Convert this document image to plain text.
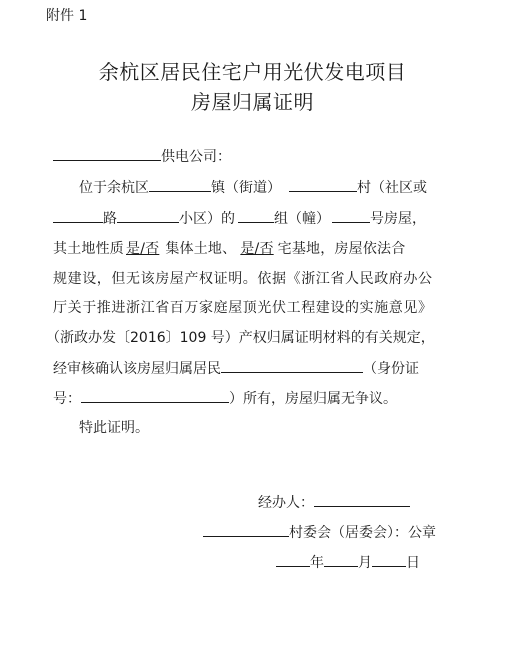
附件 1
余杭区居民住宅户用光伏发电项目
房屋归属证明
供电公司：
位于余杭区	镇（街道）	村（社区或
路	小区）的	组（幢）	号房屋，
其土地性质 是/否 集体土地、 是/否 宅基地，房屋依法合
规建设，但无该房屋产权证明。依据《浙江省人民政府办公
厅关于推进浙江省百万家庭屋顶光伏工程建设的实施意见》
（浙政办发〔2016〕109 号）产权归属证明材料的有关规定，
经审核确认该房屋归属居民	（身份证
号：	）所有，房屋归属无争议。
特此证明。
经办人：
村委会（居委会）：公章
年 月 日
